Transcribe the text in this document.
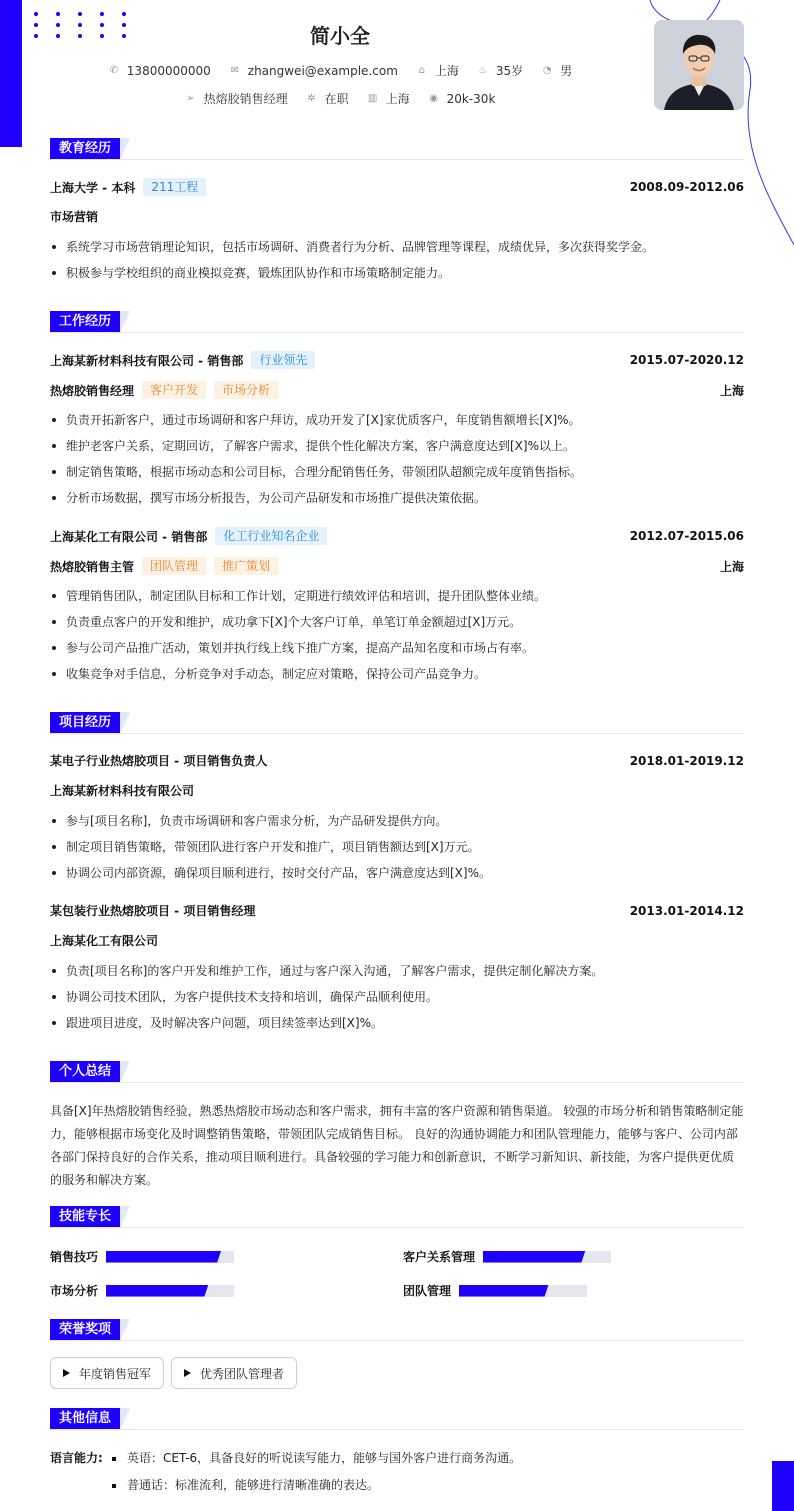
简小全
✆ 13800000000 ✉ zhangwei@example.com ⌂ 上海 ♨ 35岁 ◔ 男
➢ 热熔胶销售经理 ✲ 在职 ▥ 上海 ◉ 20k-30k
教育经历
上海大学 - 本科	211工程	2008.09-2012.06
市场营销
系统学习市场营销理论知识，包括市场调研、消费者行为分析、品牌管理等课程，成绩优异，多次获得奖学金。
积极参与学校组织的商业模拟竞赛，锻炼团队协作和市场策略制定能力。
工作经历
上海某新材料科技有限公司 - 销售部	行业领先	2015.07-2020.12
热熔胶销售经理	客户开发	市场分析	上海
负责开拓新客户，通过市场调研和客户拜访，成功开发了[X]家优质客户，年度销售额增长[X]%。
维护老客户关系，定期回访，了解客户需求，提供个性化解决方案，客户满意度达到[X]%以上。
制定销售策略，根据市场动态和公司目标，合理分配销售任务，带领团队超额完成年度销售指标。
分析市场数据，撰写市场分析报告，为公司产品研发和市场推广提供决策依据。
上海某化工有限公司 - 销售部	化工行业知名企业	2012.07-2015.06
热熔胶销售主管	团队管理	推广策划	上海
管理销售团队，制定团队目标和工作计划，定期进行绩效评估和培训，提升团队整体业绩。
负责重点客户的开发和维护，成功拿下[X]个大客户订单，单笔订单金额超过[X]万元。
参与公司产品推广活动，策划并执行线上线下推广方案，提高产品知名度和市场占有率。
收集竞争对手信息，分析竞争对手动态，制定应对策略，保持公司产品竞争力。
项目经历
某电子行业热熔胶项目 - 项目销售负责人	2018.01-2019.12
上海某新材料科技有限公司
参与[项目名称]，负责市场调研和客户需求分析，为产品研发提供方向。
制定项目销售策略，带领团队进行客户开发和推广，项目销售额达到[X]万元。
协调公司内部资源，确保项目顺利进行，按时交付产品，客户满意度达到[X]%。
某包装行业热熔胶项目 - 项目销售经理	2013.01-2014.12
上海某化工有限公司
负责[项目名称]的客户开发和维护工作，通过与客户深入沟通，了解客户需求，提供定制化解决方案。
协调公司技术团队，为客户提供技术支持和培训，确保产品顺利使用。
跟进项目进度，及时解决客户问题，项目续签率达到[X]%。
个人总结
具备[X]年热熔胶销售经验，熟悉热熔胶市场动态和客户需求，拥有丰富的客户资源和销售渠道。 较强的市场分析和销售策略制定能力，能够根据市场变化及时调整销售策略，带领团队完成销售目标。 良好的沟通协调能力和团队管理能力，能够与客户、公司内部各部门保持良好的合作关系，推动项目顺利进行。具备较强的学习能力和创新意识，不断学习新知识、新技能，为客户提供更优质的服务和解决方案。
技能专长
销售技巧	客户关系管理
市场分析	团队管理
荣誉奖项
年度销售冠军	优秀团队管理者
其他信息
语言能力:	英语：CET-6，具备良好的听说读写能力，能够与国外客户进行商务沟通。
普通话：标准流利，能够进行清晰准确的表达。
